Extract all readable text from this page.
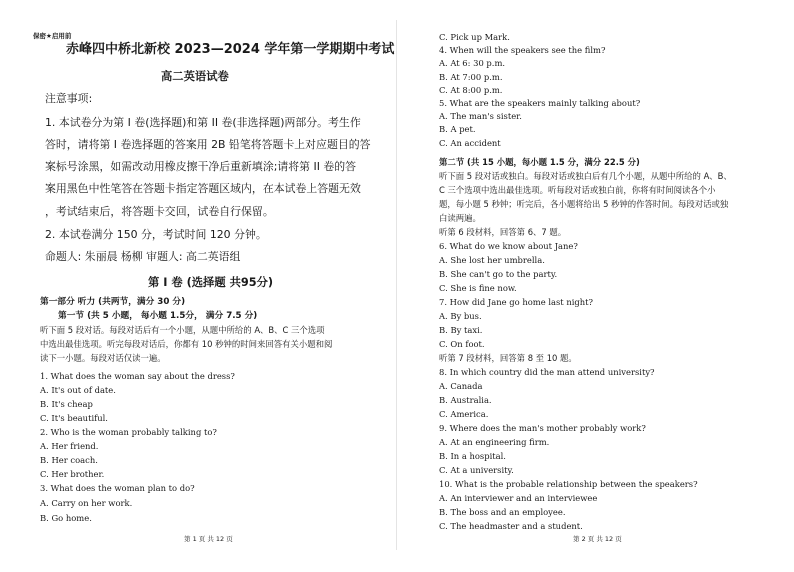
保密★启用前
赤峰四中桥北新校 2023—2024 学年第一学期期中考试
高二英语试卷
注意事项:
1. 本试卷分为第 I 卷(选择题)和第 II 卷(非选择题)两部分。考生作
答时，请将第 I 卷选择题的答案用 2B 铅笔将答题卡上对应题目的答
案标号涂黑，如需改动用橡皮擦干净后重新填涂;请将第 II 卷的答
案用黑色中性笔答在答题卡指定答题区域内，在本试卷上答题无效
，考试结束后，将答题卡交回，试卷自行保留。
2. 本试卷满分 150 分，考试时间 120 分钟。
命题人: 朱丽晨 杨柳 审题人: 高二英语组
第 I 卷 (选择题 共95分)
第一部分 听力 (共两节，满分 30 分)
第一节 (共 5 小题， 每小题 1.5分， 满分 7.5 分)
听下面 5 段对话。每段对话后有一个小题，从题中所给的 A、B、C 三个选项
中选出最佳选项。听完每段对话后，你都有 10 秒钟的时间来回答有关小题和阅
读下一小题。每段对话仅读一遍。
1. What does the woman say about the dress?
A. It's out of date.
B. It's cheap
C. It's beautiful.
2. Who is the woman probably talking to?
A. Her friend.
B. Her coach.
C. Her brother.
3. What does the woman plan to do?
A. Carry on her work.
B. Go home.
第 1 页 共 12 页
C. Pick up Mark.
4. When will the speakers see the film?
A. At 6: 30 p.m.
B. At 7:00 p.m.
C. At 8:00 p.m.
5. What are the speakers mainly talking about?
A. The man's sister.
B. A pet.
C. An accident
第二节 (共 15 小题，每小题 1.5 分，满分 22.5 分)
听下面 5 段对话或独白。每段对话或独白后有几个小题，从题中所给的 A、B、
C 三个选项中选出最佳选项。听每段对话或独白前，你将有时间阅读各个小
题，每小题 5 秒钟；听完后，各小题将给出 5 秒钟的作答时间。每段对话或独
白读两遍。
听第 6 段材料，回答第 6、7 题。
6. What do we know about Jane?
A. She lost her umbrella.
B. She can't go to the party.
C. She is fine now.
7. How did Jane go home last night?
A. By bus.
B. By taxi.
C. On foot.
听第 7 段材料，回答第 8 至 10 题。
8. In which country did the man attend university?
A. Canada
B. Australia.
C. America.
9. Where does the man's mother probably work?
A. At an engineering firm.
B. In a hospital.
C. At a university.
10. What is the probable relationship between the speakers?
A. An interviewer and an interviewee
B. The boss and an employee.
C. The headmaster and a student.
第 2 页 共 12 页
